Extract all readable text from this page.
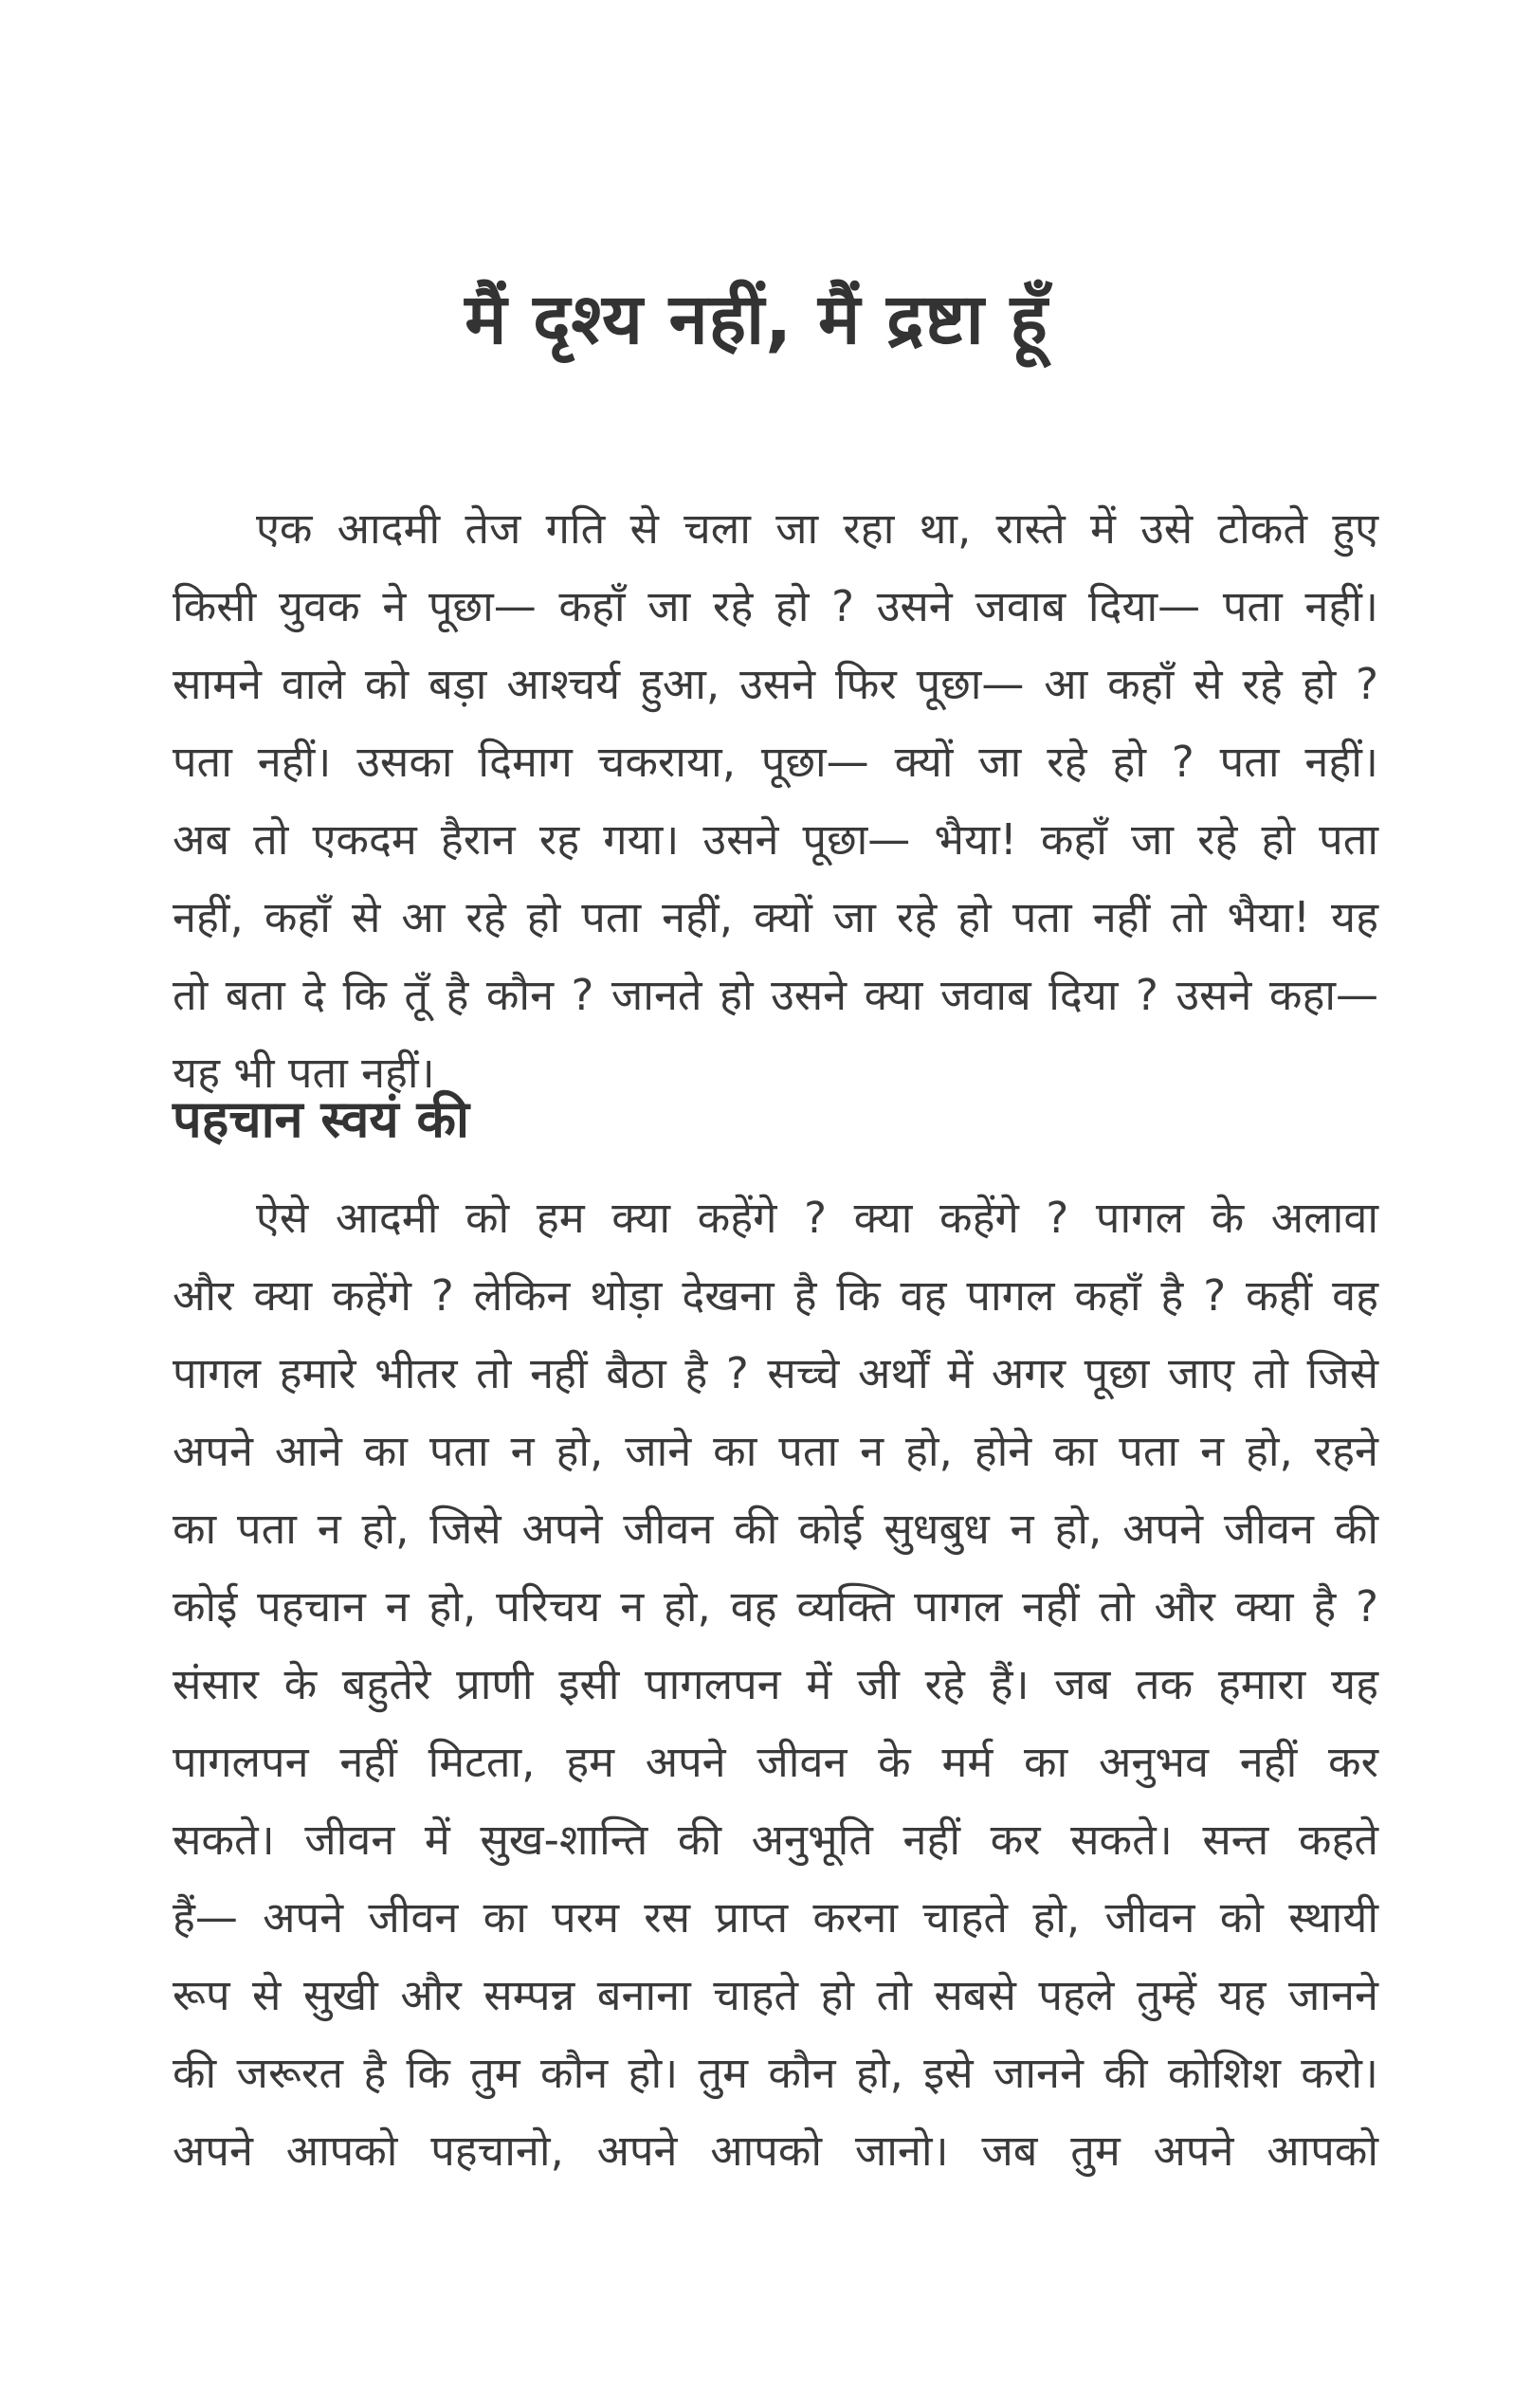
मैं दृश्य नहीं, मैं द्रष्टा हूँ
एक आदमी तेज गति से चला जा रहा था, रास्ते में उसे टोकते हुए
किसी युवक ने पूछा— कहाँ जा रहे हो ? उसने जवाब दिया— पता नहीं।
सामने वाले को बड़ा आश्चर्य हुआ, उसने फिर पूछा— आ कहाँ से रहे हो ?
पता नहीं। उसका दिमाग चकराया, पूछा— क्यों जा रहे हो ? पता नहीं।
अब तो एकदम हैरान रह गया। उसने पूछा— भैया! कहाँ जा रहे हो पता
नहीं, कहाँ से आ रहे हो पता नहीं, क्यों जा रहे हो पता नहीं तो भैया! यह
तो बता दे कि तूँ है कौन ? जानते हो उसने क्या जवाब दिया ? उसने कहा—
यह भी पता नहीं।
पहचान स्वयं की
ऐसे आदमी को हम क्या कहेंगे ? क्या कहेंगे ? पागल के अलावा
और क्या कहेंगे ? लेकिन थोड़ा देखना है कि वह पागल कहाँ है ? कहीं वह
पागल हमारे भीतर तो नहीं बैठा है ? सच्चे अर्थों में अगर पूछा जाए तो जिसे
अपने आने का पता न हो, जाने का पता न हो, होने का पता न हो, रहने
का पता न हो, जिसे अपने जीवन की कोई सुधबुध न हो, अपने जीवन की
कोई पहचान न हो, परिचय न हो, वह व्यक्ति पागल नहीं तो और क्या है ?
संसार के बहुतेरे प्राणी इसी पागलपन में जी रहे हैं। जब तक हमारा यह
पागलपन नहीं मिटता, हम अपने जीवन के मर्म का अनुभव नहीं कर
सकते। जीवन में सुख-शान्ति की अनुभूति नहीं कर सकते। सन्त कहते
हैं— अपने जीवन का परम रस प्राप्त करना चाहते हो, जीवन को स्थायी
रूप से सुखी और सम्पन्न बनाना चाहते हो तो सबसे पहले तुम्हें यह जानने
की जरूरत है कि तुम कौन हो। तुम कौन हो, इसे जानने की कोशिश करो।
अपने आपको पहचानो, अपने आपको जानो। जब तुम अपने आपको
